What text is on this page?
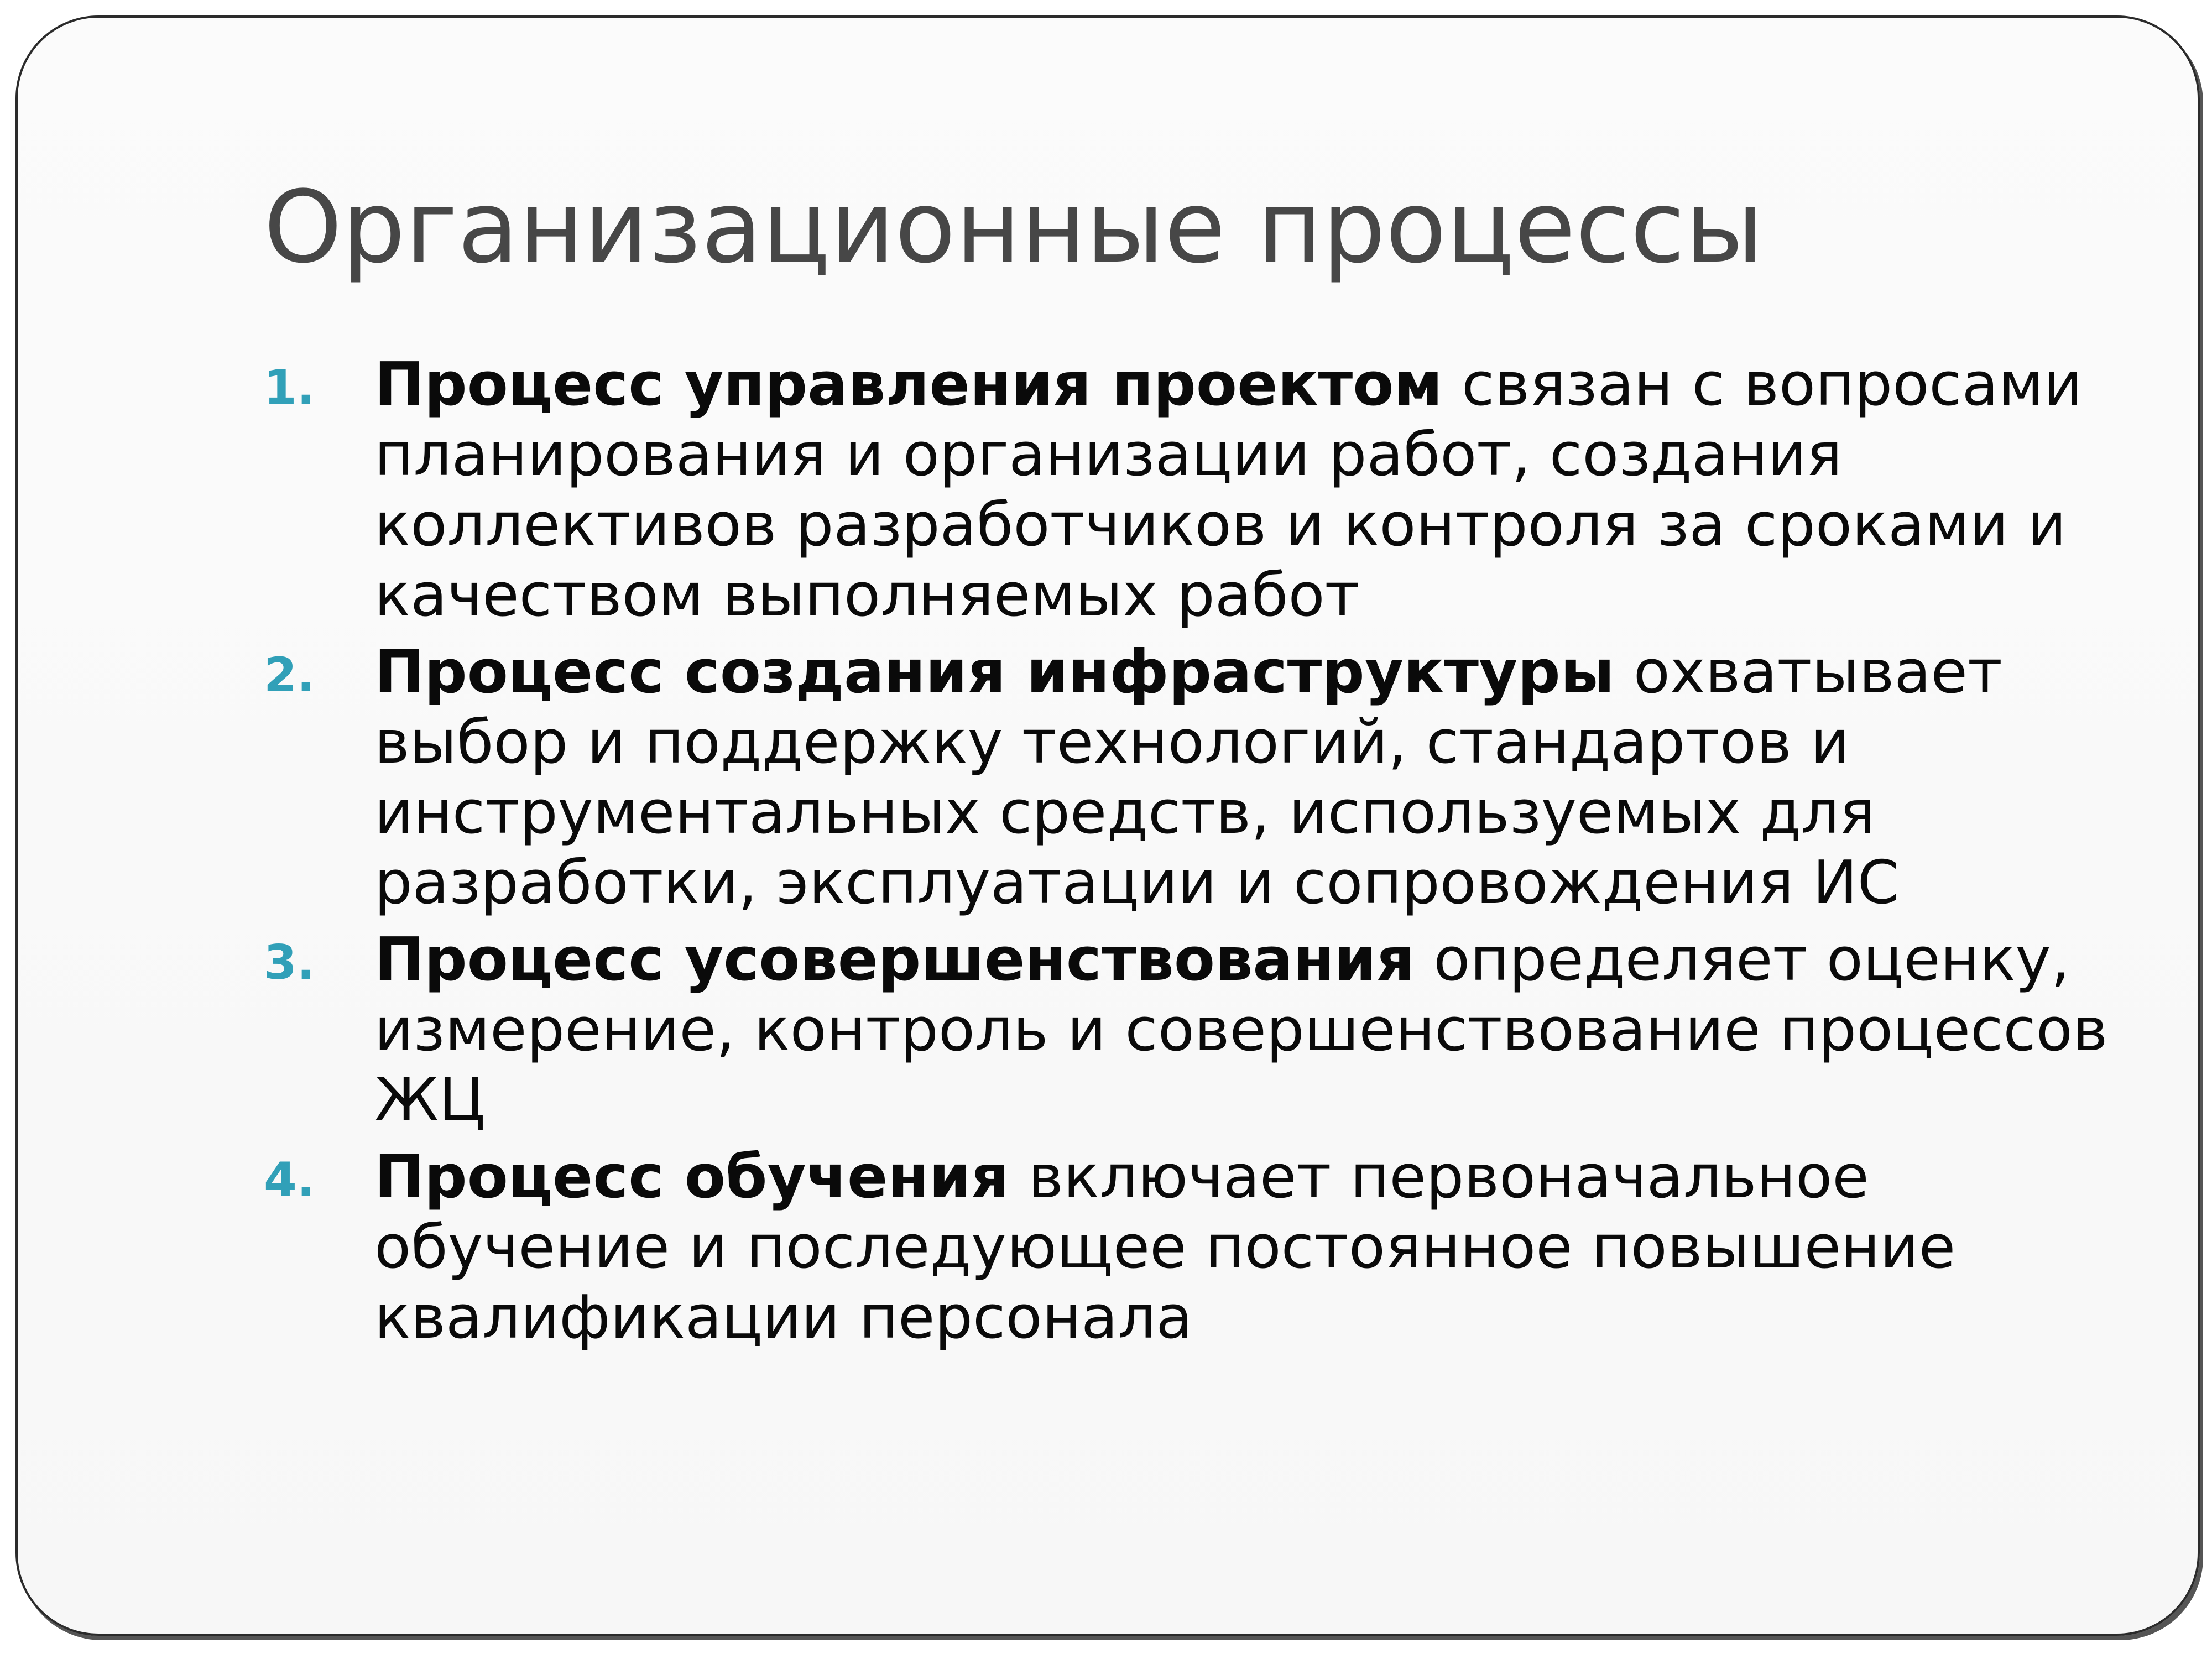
Организационные процессы
1. Процесс управления проектом связан с вопросами планирования и организации работ, создания коллективов разработчиков и контроля за сроками и качеством выполняемых работ
2. Процесс создания инфраструктуры охватывает выбор и поддержку технологий, стандартов и инструментальных средств, используемых для разработки, эксплуатации и сопровождения ИС
3. Процесс усовершенствования определяет оценку, измерение, контроль и совершенствование процессов ЖЦ
4. Процесс обучения включает первоначальное обучение и последующее постоянное повышение квалификации персонала
